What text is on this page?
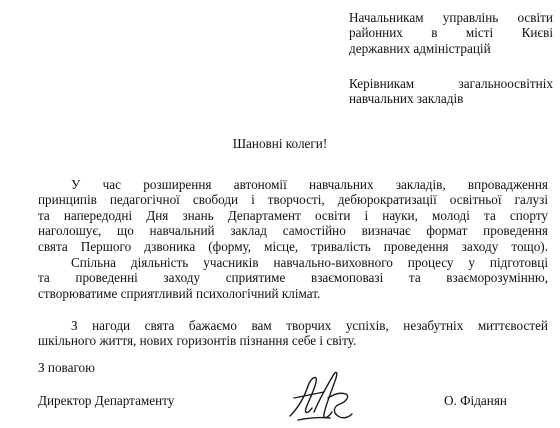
Начальникам управлінь освіти
районних в місті Києві
державних адміністрацій
Керівникам загальноосвітніх
навчальних закладів
Шановні колеги!
У час розширення автономії навчальних закладів, впровадження
принципів педагогічної свободи і творчості, дебюрократизації освітньої галузі
та напередодні Дня знань Департамент освіти і науки, молоді та спорту
наголошує, що навчальний заклад самостійно визначає формат проведення
свята Першого дзвоника (форму, місце, тривалість проведення заходу тощо).
Спільна діяльність учасників навчально-виховного процесу у підготовці
та проведенні заходу сприятиме взаємоповазі та взаєморозумінню,
створюватиме сприятливий психологічний клімат.
З нагоди свята бажаємо вам творчих успіхів, незабутніх миттєвостей
шкільного життя, нових горизонтів пізнання себе і світу.
З повагою
Директор Департаменту	О. Фіданян
